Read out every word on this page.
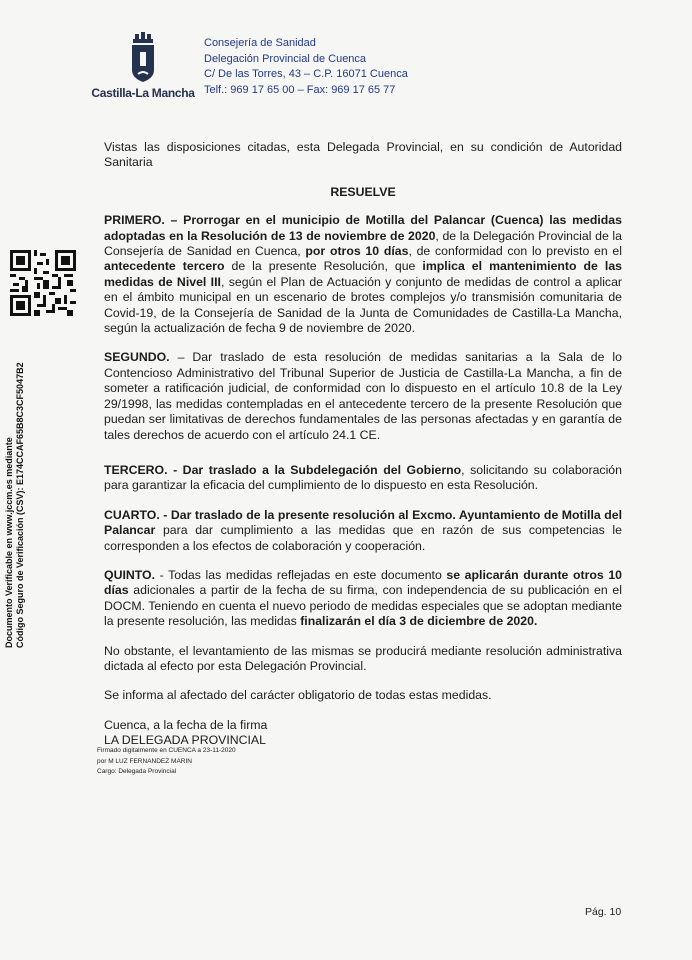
Castilla-La Mancha
Consejería de Sanidad
Delegación Provincial de Cuenca
C/ De las Torres, 43 – C.P. 16071 Cuenca
Telf.: 969 17 65 00 – Fax: 969 17 65 77
Documento Verificable en www.jccm.es mediante Código Seguro de Verificación (CSV): E174CCAF65B8C3CF5047B2

Vistas las disposiciones citadas, esta Delegada Provincial, en su condición de Autoridad Sanitaria

RESUELVE

PRIMERO. – Prorrogar en el municipio de Motilla del Palancar (Cuenca) las medidas adoptadas en la Resolución de 13 de noviembre de 2020, de la Delegación Provincial de la Consejería de Sanidad en Cuenca, por otros 10 días, de conformidad con lo previsto en el antecedente tercero de la presente Resolución, que implica el mantenimiento de las medidas de Nivel III, según el Plan de Actuación y conjunto de medidas de control a aplicar en el ámbito municipal en un escenario de brotes complejos y/o transmisión comunitaria de Covid-19, de la Consejería de Sanidad de la Junta de Comunidades de Castilla-La Mancha, según la actualización de fecha 9 de noviembre de 2020.

SEGUNDO. – Dar traslado de esta resolución de medidas sanitarias a la Sala de lo Contencioso Administrativo del Tribunal Superior de Justicia de Castilla-La Mancha, a fin de someter a ratificación judicial, de conformidad con lo dispuesto en el artículo 10.8 de la Ley 29/1998, las medidas contempladas en el antecedente tercero de la presente Resolución que puedan ser limitativas de derechos fundamentales de las personas afectadas y en garantía de tales derechos de acuerdo con el artículo 24.1 CE.

TERCERO. - Dar traslado a la Subdelegación del Gobierno, solicitando su colaboración para garantizar la eficacia del cumplimiento de lo dispuesto en esta Resolución.

CUARTO. - Dar traslado de la presente resolución al Excmo. Ayuntamiento de Motilla del Palancar para dar cumplimiento a las medidas que en razón de sus competencias le corresponden a los efectos de colaboración y cooperación.

QUINTO. - Todas las medidas reflejadas en este documento se aplicarán durante otros 10 días adicionales a partir de la fecha de su firma, con independencia de su publicación en el DOCM. Teniendo en cuenta el nuevo periodo de medidas especiales que se adoptan mediante la presente resolución, las medidas finalizarán el día 3 de diciembre de 2020.

No obstante, el levantamiento de las mismas se producirá mediante resolución administrativa dictada al efecto por esta Delegación Provincial.

Se informa al afectado del carácter obligatorio de todas estas medidas.

Cuenca, a la fecha de la firma
LA DELEGADA PROVINCIAL
Firmado digitalmente en CUENCA a 23-11-2020
por M LUZ FERNANDEZ MARIN
Cargo: Delegada Provincial
Pág. 10
